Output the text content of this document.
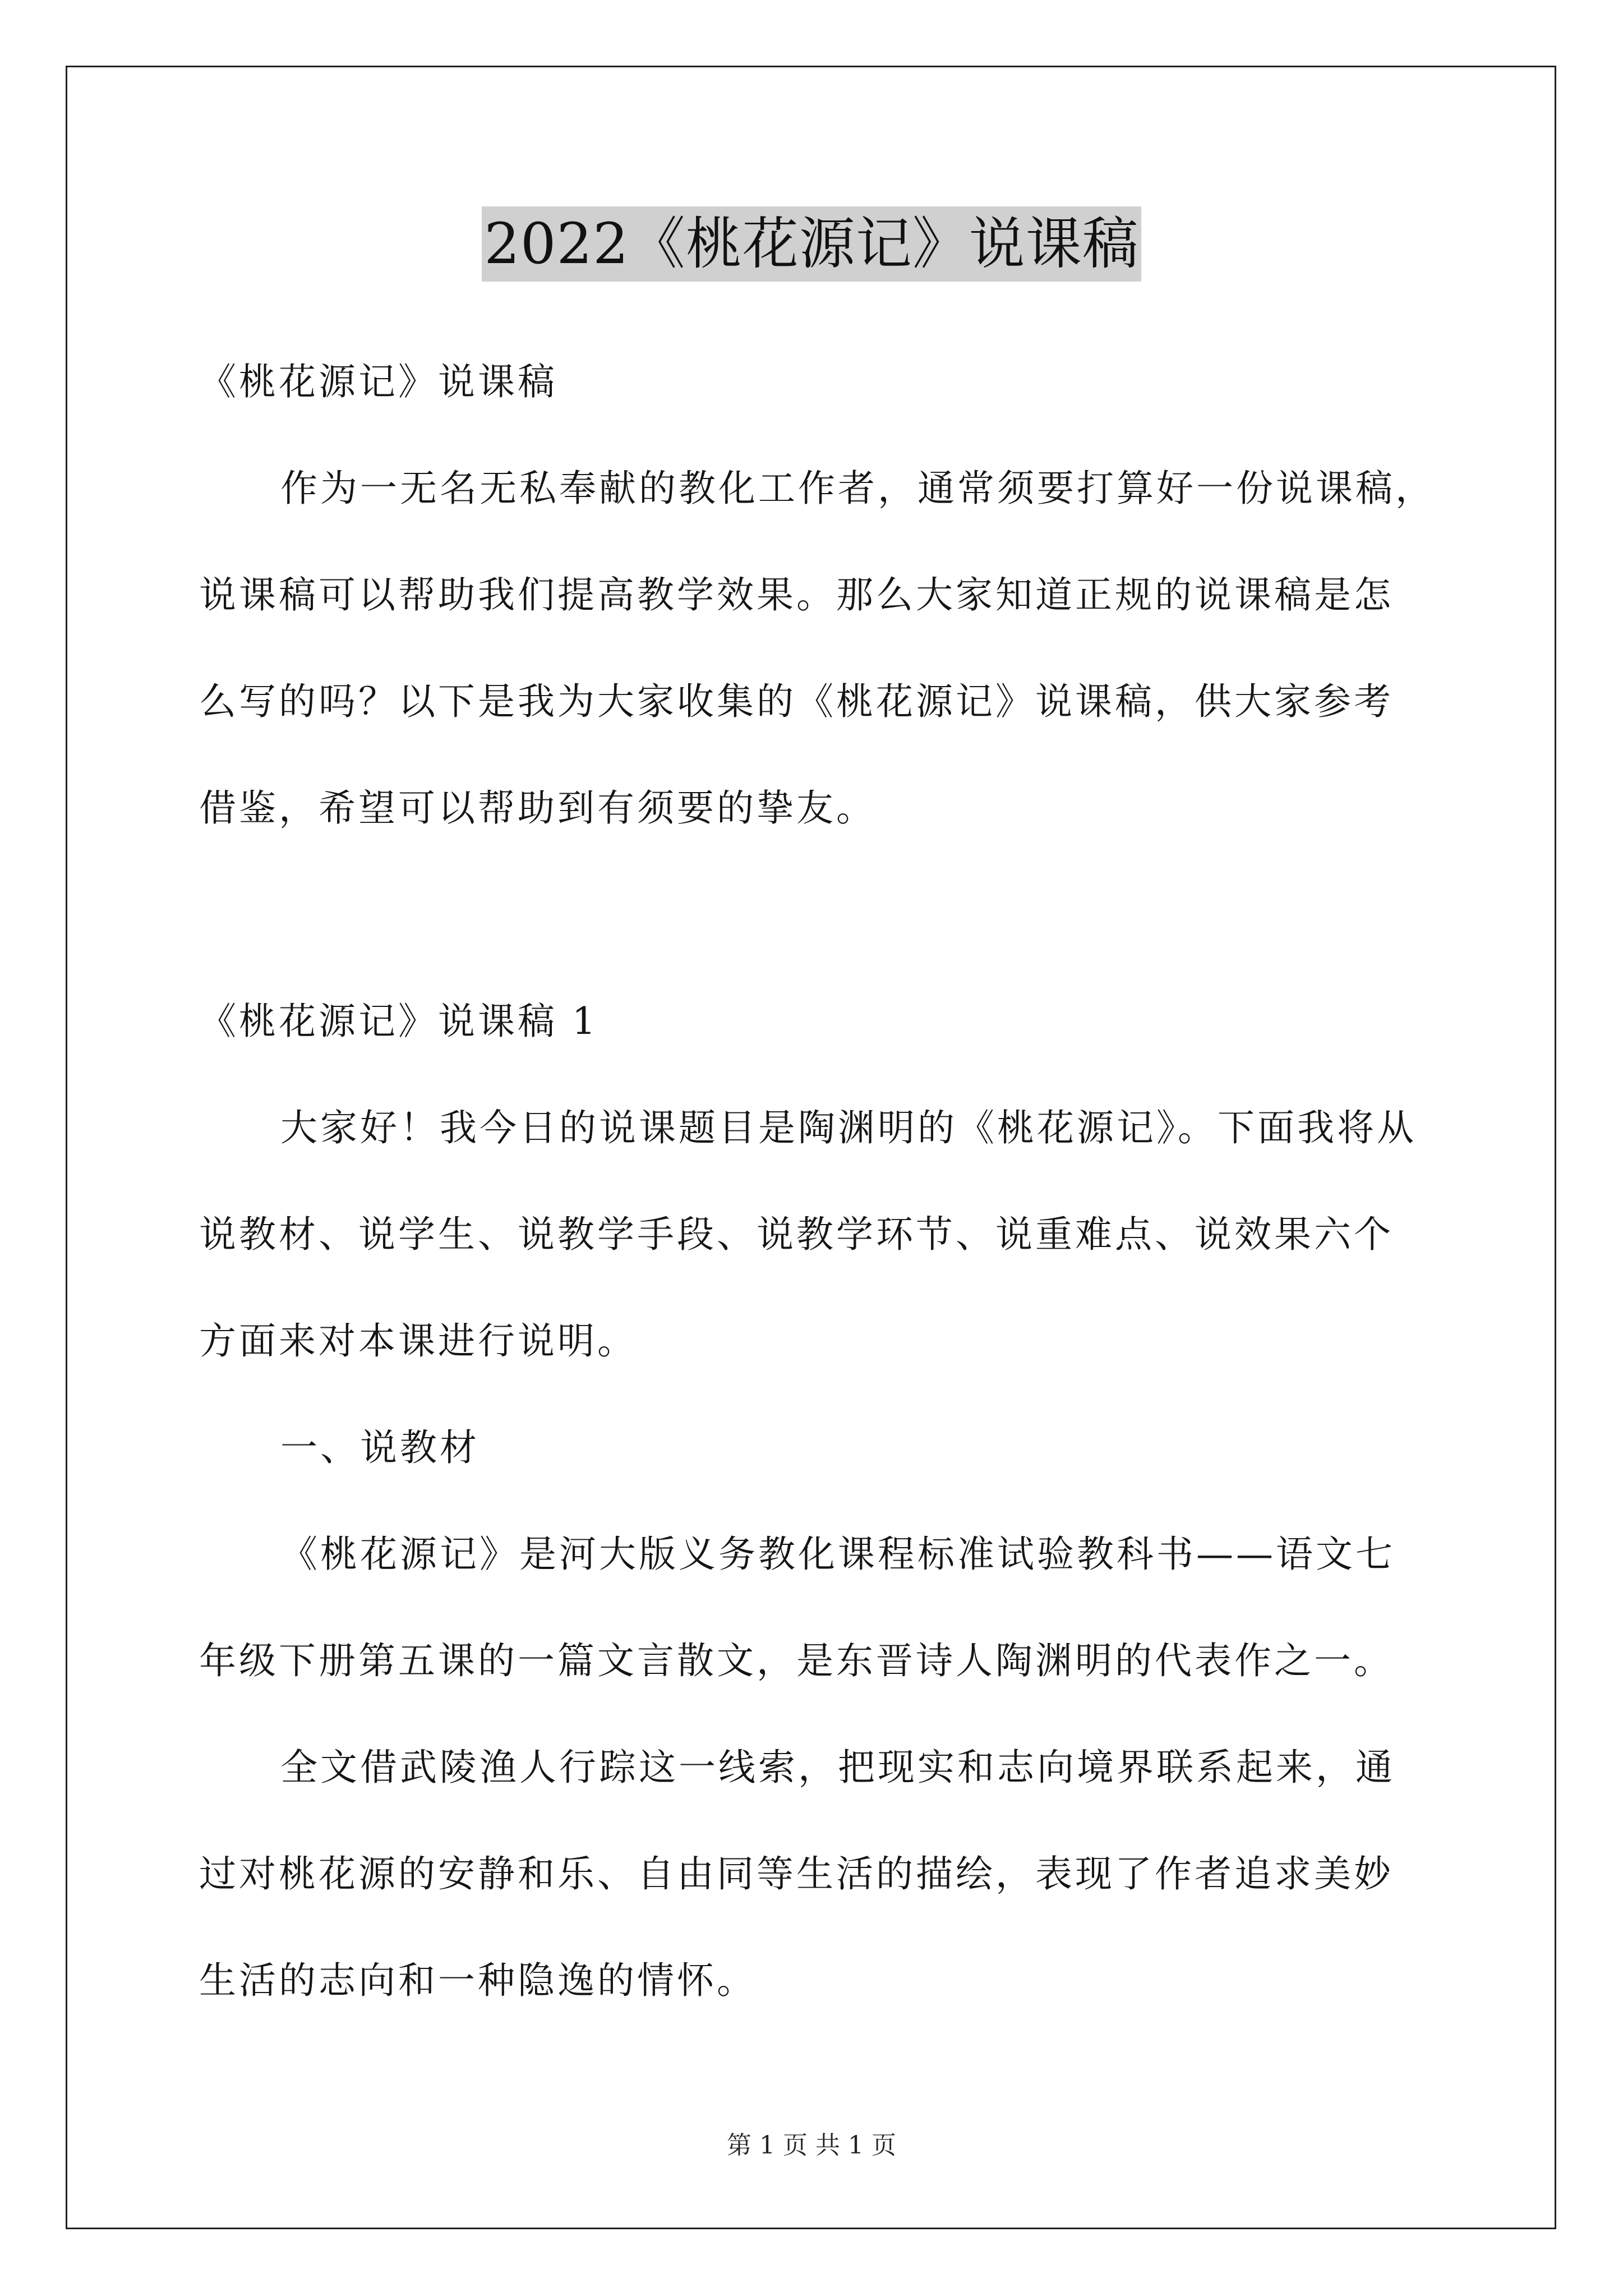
2022《桃花源记》说课稿
《桃花源记》说课稿
作为一无名无私奉献的教化工作者，通常须要打算好一份说课稿，
说课稿可以帮助我们提高教学效果。那么大家知道正规的说课稿是怎
么写的吗？以下是我为大家收集的《桃花源记》说课稿，供大家参考
借鉴，希望可以帮助到有须要的挚友。
《桃花源记》说课稿 1
大家好！我今日的说课题目是陶渊明的《桃花源记》。下面我将从
说教材、说学生、说教学手段、说教学环节、说重难点、说效果六个
方面来对本课进行说明。
一、说教材
《桃花源记》是河大版义务教化课程标准试验教科书——语文七
年级下册第五课的一篇文言散文，是东晋诗人陶渊明的代表作之一。
全文借武陵渔人行踪这一线索，把现实和志向境界联系起来，通
过对桃花源的安静和乐、自由同等生活的描绘，表现了作者追求美妙
生活的志向和一种隐逸的情怀。
第 1 页 共 1 页
